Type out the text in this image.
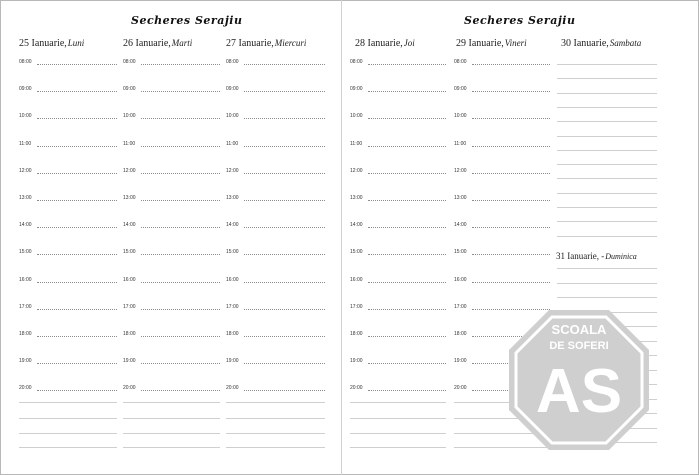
Secheres Serajiu	Secheres Serajiu
25 Ianuarie,Luni
08:00
09:00
10:00
11:00
12:00
13:00
14:00
15:00
16:00
17:00
18:00
19:00
20:00
26 Ianuarie,Marti
08:00
09:00
10:00
11:00
12:00
13:00
14:00
15:00
16:00
17:00
18:00
19:00
20:00
27 Ianuarie,Miercuri
08:00
09:00
10:00
11:00
12:00
13:00
14:00
15:00
16:00
17:00
18:00
19:00
20:00
28 Ianuarie,Joi
08:00
09:00
10:00
11:00
12:00
13:00
14:00
15:00
16:00
17:00
18:00
19:00
20:00
29 Ianuarie,Vineri
08:00
09:00
10:00
11:00
12:00
13:00
14:00
15:00
16:00
17:00
18:00
19:00
20:00
30 Ianuarie,Sambata
31 Ianuarie, -Duminica
SCOALA
DE SOFERI
AS
